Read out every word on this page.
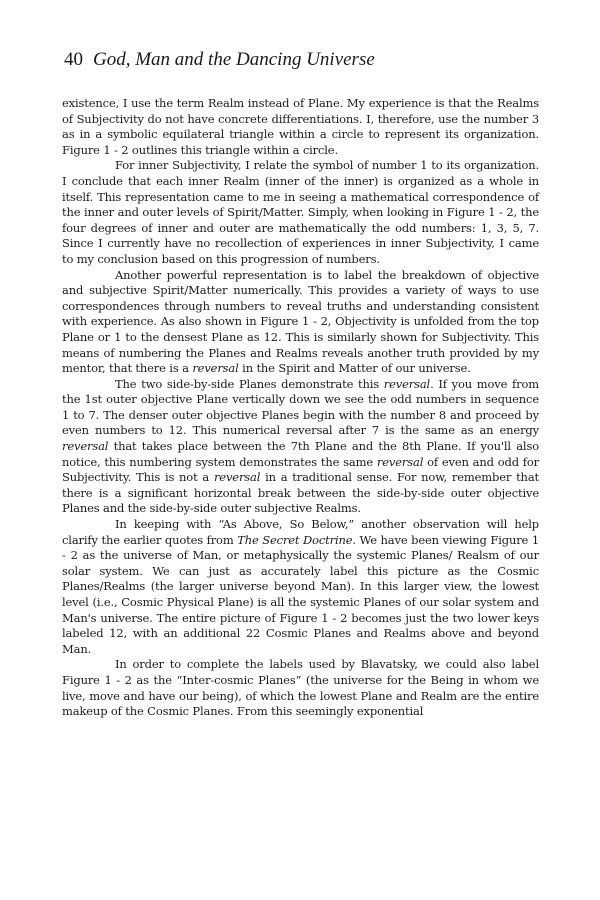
40 God, Man and the Dancing Universe

existence, I use the term Realm instead of Plane. My experience is that the Realms of Subjectivity do not have concrete differentiations. I, therefore, use the number 3 as in a symbolic equilateral triangle within a circle to represent its organization. Figure 1 - 2 outlines this triangle within a circle.

For inner Subjectivity, I relate the symbol of number 1 to its organization. I conclude that each inner Realm (inner of the inner) is organized as a whole in itself. This representation came to me in seeing a mathematical correspondence of the inner and outer levels of Spirit/Matter. Simply, when looking in Figure 1 - 2, the four degrees of inner and outer are mathematically the odd numbers: 1, 3, 5, 7. Since I currently have no recollection of experiences in inner Subjectivity, I came to my conclusion based on this progression of numbers.

Another powerful representation is to label the breakdown of objective and subjective Spirit/Matter numerically. This provides a variety of ways to use correspondences through numbers to reveal truths and understanding consistent with experience. As also shown in Figure 1 - 2, Objectivity is unfolded from the top Plane or 1 to the densest Plane as 12. This is similarly shown for Subjectivity. This means of numbering the Planes and Realms reveals another truth provided by my mentor, that there is a reversal in the Spirit and Matter of our universe.

The two side-by-side Planes demonstrate this reversal. If you move from the 1st outer objective Plane vertically down we see the odd numbers in sequence 1 to 7. The denser outer objective Planes begin with the number 8 and proceed by even numbers to 12. This numerical reversal after 7 is the same as an energy reversal that takes place between the 7th Plane and the 8th Plane. If you'll also notice, this numbering system demonstrates the same reversal of even and odd for Subjectivity. This is not a reversal in a traditional sense. For now, remember that there is a significant horizontal break between the side-by-side outer objective Planes and the side-by-side outer subjective Realms.

In keeping with “As Above, So Below,” another observation will help clarify the earlier quotes from The Secret Doctrine. We have been viewing Figure 1 - 2 as the universe of Man, or metaphysically the systemic Planes/ Realsm of our solar system. We can just as accurately label this picture as the Cosmic Planes/Realms (the larger universe beyond Man). In this larger view, the lowest level (i.e., Cosmic Physical Plane) is all the systemic Planes of our solar system and Man's universe. The entire picture of Figure 1 - 2 becomes just the two lower keys labeled 12, with an additional 22 Cosmic Planes and Realms above and beyond Man.

In order to complete the labels used by Blavatsky, we could also label Figure 1 - 2 as the “Inter-cosmic Planes” (the universe for the Being in whom we live, move and have our being), of which the lowest Plane and Realm are the entire makeup of the Cosmic Planes. From this seemingly exponential
